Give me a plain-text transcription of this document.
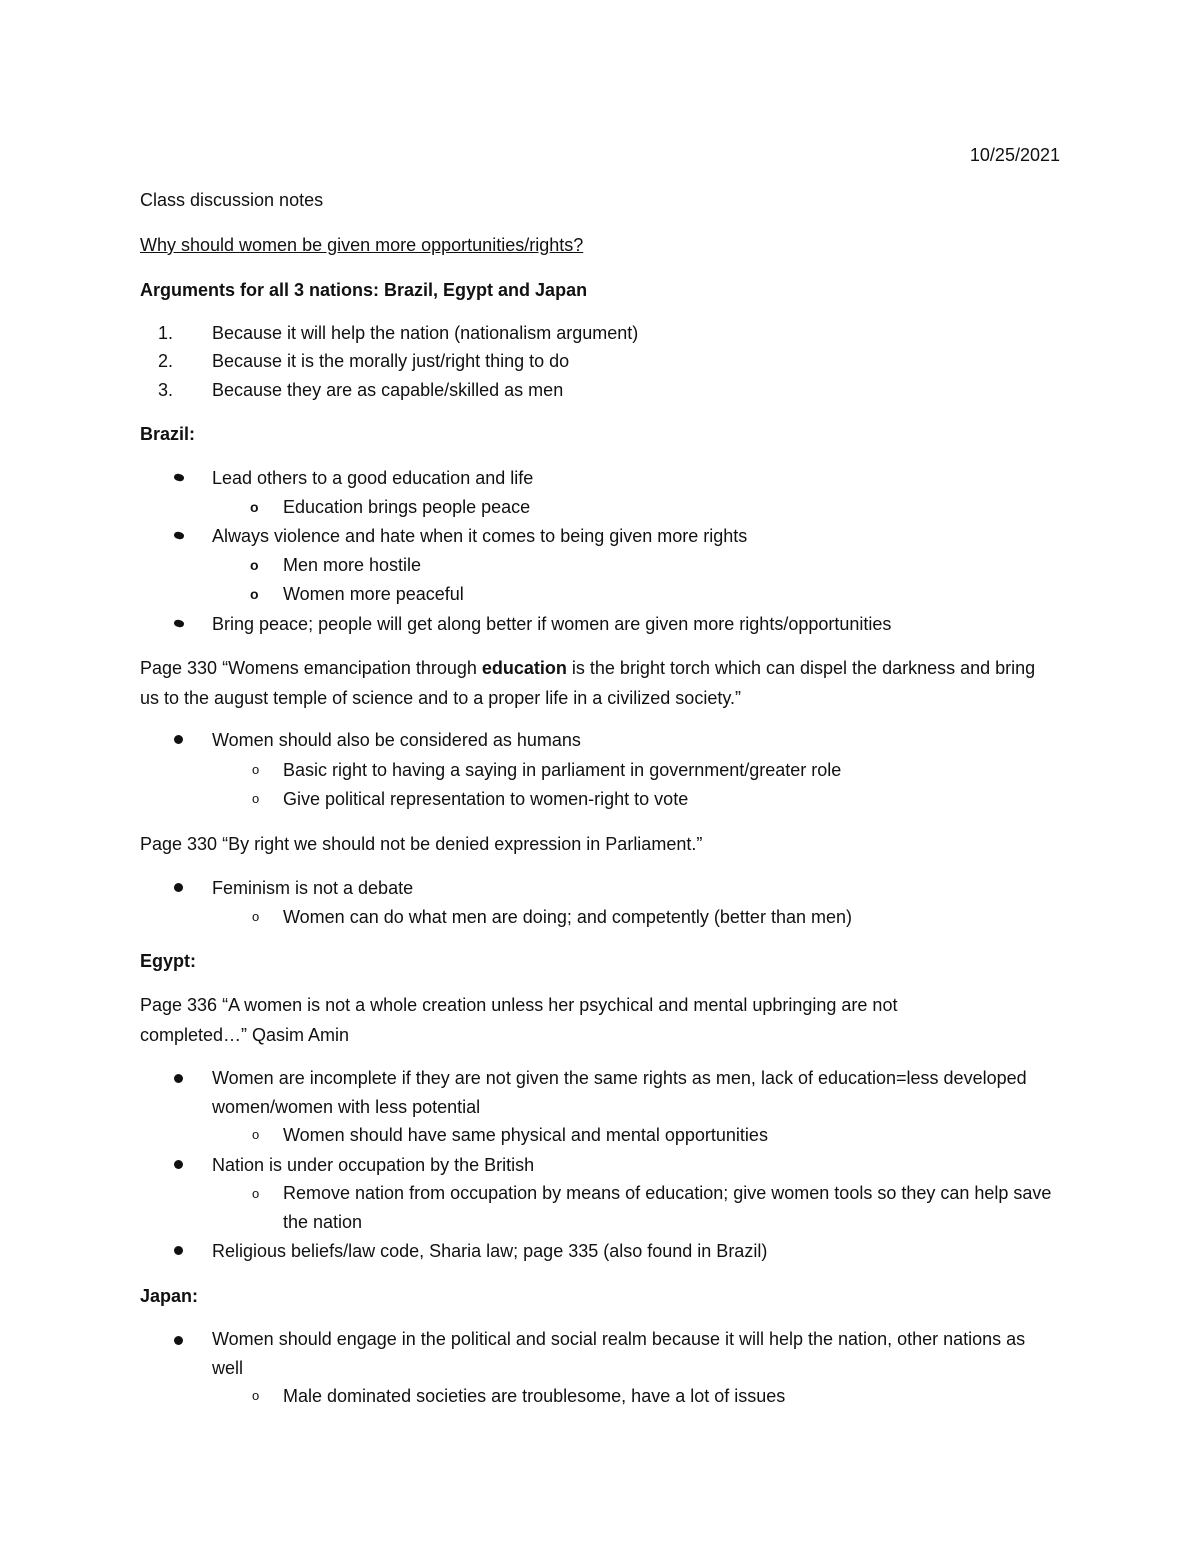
10/25/2021
Class discussion notes
Why should women be given more opportunities/rights?
Arguments for all 3 nations: Brazil, Egypt and Japan
1. Because it will help the nation (nationalism argument)
2. Because it is the morally just/right thing to do
3. Because they are as capable/skilled as men
Brazil:
Lead others to a good education and life
o Education brings people peace
Always violence and hate when it comes to being given more rights
o Men more hostile
o Women more peaceful
Bring peace; people will get along better if women are given more rights/opportunities
Page 330 “Womens emancipation through education is the bright torch which can dispel the darkness and bring us to the august temple of science and to a proper life in a civilized society.”
Women should also be considered as humans
o Basic right to having a saying in parliament in government/greater role
o Give political representation to women-right to vote
Page 330 “By right we should not be denied expression in Parliament.”
Feminism is not a debate
o Women can do what men are doing; and competently (better than men)
Egypt:
Page 336 “A women is not a whole creation unless her psychical and mental upbringing are not completed…” Qasim Amin
Women are incomplete if they are not given the same rights as men, lack of education=less developed women/women with less potential
o Women should have same physical and mental opportunities
Nation is under occupation by the British
o Remove nation from occupation by means of education; give women tools so they can help save the nation
Religious beliefs/law code, Sharia law; page 335 (also found in Brazil)
Japan:
Women should engage in the political and social realm because it will help the nation, other nations as well
o Male dominated societies are troublesome, have a lot of issues
